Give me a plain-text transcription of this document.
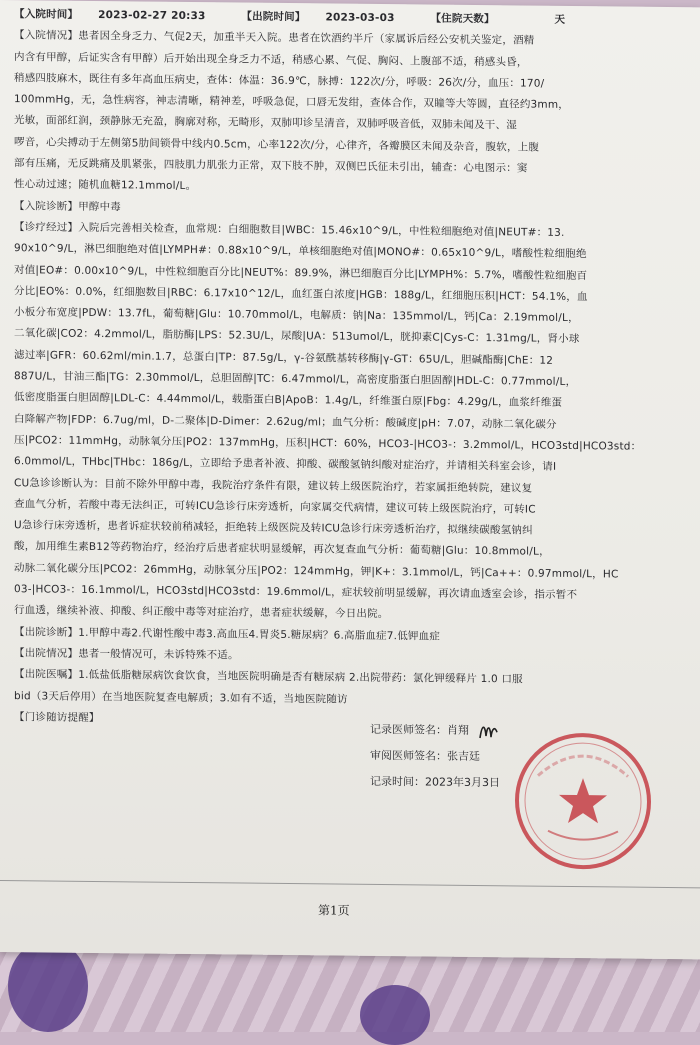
【入院时间】 2023-02-27 20:33	【出院时间】 2023-03-03	【住院天数】	天
【入院情况】患者因全身乏力、气促2天，加重半天入院。患者在饮酒约半斤（家属诉后经公安机关鉴定，酒精
内含有甲醇，后证实含有甲醇）后开始出现全身乏力不适，稍感心累、气促、胸闷、上腹部不适，稍感头昏，
稍感四肢麻木，既往有多年高血压病史，查体：体温：36.9℃，脉搏：122次/分，呼吸：26次/分，血压：170/
100mmHg，无，急性病容，神志清晰，精神差，呼吸急促，口唇无发绀，查体合作，双瞳等大等圆，直径约3mm，
光敏，面部红润，颈静脉无充盈，胸廓对称，无畸形，双肺叩诊呈清音，双肺呼吸音低，双肺未闻及干、湿
啰音，心尖搏动于左侧第5肋间锁骨中线内0.5cm，心率122次/分，心律齐，各瓣膜区未闻及杂音，腹软，上腹
部有压痛，无反跳痛及肌紧张，四肢肌力肌张力正常，双下肢不肿，双侧巴氏征未引出，辅查：心电图示：窦
性心动过速；随机血糖12.1mmol/L。
【入院诊断】甲醇中毒
【诊疗经过】入院后完善相关检查，血常规：白细胞数目|WBC：15.46x10^9/L，中性粒细胞绝对值|NEUT#：13.
90x10^9/L，淋巴细胞绝对值|LYMPH#：0.88x10^9/L，单核细胞绝对值|MONO#：0.65x10^9/L，嗜酸性粒细胞绝
对值|EO#：0.00x10^9/L，中性粒细胞百分比|NEUT%：89.9%，淋巴细胞百分比|LYMPH%：5.7%，嗜酸性粒细胞百
分比|EO%：0.0%，红细胞数目|RBC：6.17x10^12/L，血红蛋白浓度|HGB：188g/L，红细胞压积|HCT：54.1%，血
小板分布宽度|PDW：13.7fL，葡萄糖|Glu：10.70mmol/L，电解质：钠|Na：135mmol/L，钙|Ca：2.19mmol/L，
二氧化碳|CO2：4.2mmol/L，脂肪酶|LPS：52.3U/L，尿酸|UA：513umol/L，胱抑素C|Cys-C：1.31mg/L，肾小球
滤过率|GFR：60.62ml/min.1.7，总蛋白|TP：87.5g/L，γ-谷氨酰基转移酶|γ-GT：65U/L，胆碱酯酶|ChE：12
887U/L，甘油三酯|TG：2.30mmol/L，总胆固醇|TC：6.47mmol/L，高密度脂蛋白胆固醇|HDL-C：0.77mmol/L，
低密度脂蛋白胆固醇|LDL-C：4.44mmol/L，载脂蛋白B|ApoB：1.4g/L，纤维蛋白原|Fbg：4.29g/L，血浆纤维蛋
白降解产物|FDP：6.7ug/ml，D-二聚体|D-Dimer：2.62ug/ml；血气分析：酸碱度|pH：7.07，动脉二氧化碳分
压|PCO2：11mmHg，动脉氧分压|PO2：137mmHg，压积|HCT：60%，HCO3-|HCO3-：3.2mmol/L，HCO3std|HCO3std：
6.0mmol/L，THbc|THbc：186g/L，立即给予患者补液、抑酸、碳酸氢钠纠酸对症治疗，并请相关科室会诊，请I
CU急诊诊断认为：目前不除外甲醇中毒，我院治疗条件有限，建议转上级医院治疗，若家属拒绝转院，建议复
查血气分析，若酸中毒无法纠正，可转ICU急诊行床旁透析，向家属交代病情，建议可转上级医院治疗，可转IC
U急诊行床旁透析，患者诉症状较前稍减轻，拒绝转上级医院及转ICU急诊行床旁透析治疗，拟继续碳酸氢钠纠
酸，加用维生素B12等药物治疗，经治疗后患者症状明显缓解，再次复查血气分析：葡萄糖|Glu：10.8mmol/L，
动脉二氧化碳分压|PCO2：26mmHg，动脉氧分压|PO2：124mmHg，钾|K+：3.1mmol/L，钙|Ca++：0.97mmol/L，HC
03-|HCO3-：16.1mmol/L，HCO3std|HCO3std：19.6mmol/L，症状较前明显缓解，再次请血透室会诊，指示暂不
行血透，继续补液、抑酸、纠正酸中毒等对症治疗，患者症状缓解，今日出院。
【出院诊断】1.甲醇中毒2.代谢性酸中毒3.高血压4.胃炎5.糖尿病？6.高脂血症7.低钾血症
【出院情况】患者一般情况可，未诉特殊不适。
【出院医嘱】1.低盐低脂糖尿病饮食饮食，当地医院明确是否有糖尿病 2.出院带药：氯化钾缓释片 1.0 口服
bid（3天后停用）在当地医院复查电解质；3.如有不适，当地医院随访
【门诊随访提醒】
记录医师签名：肖翔
审阅医师签名：张吉廷
记录时间：2023年3月3日
第1页
